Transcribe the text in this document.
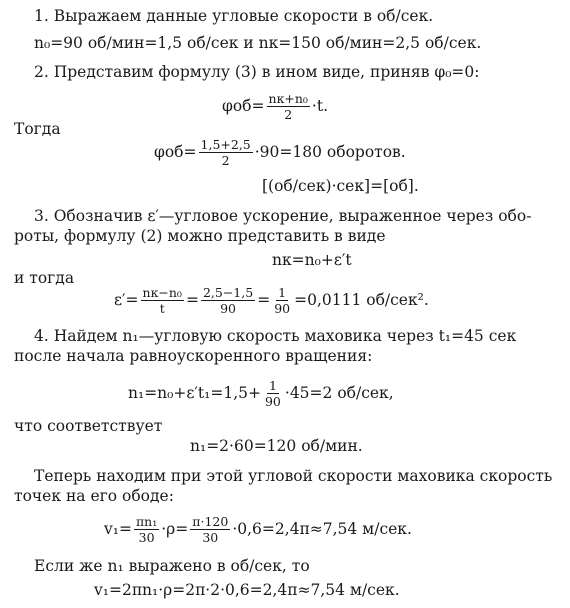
1. Выражаем данные угловые скорости в об/сек.
n₀=90 об/мин=1,5 об/сек и nк=150 об/мин=2,5 об/сек.
2. Представим формулу (3) в ином виде, приняв φ₀=0:
$\varphi об= \frac{\text{nк+n₀}}{2} \cdot t$.
Тогда
$\varphi об= \frac{1,5+2,5}{2} \cdot 90=180$ оборотов.
[(об/сек)·сек]=[об].
3. Обозначив ε′—угловое ускорение, выраженное через обо-
роты, формулу (2) можно представить в виде
nк=n₀+ε′t
и тогда
$\varepsilon'= \frac{\text{nк−n₀}}{t} = \frac{2,5-1,5}{90} = \frac{1}{90} =0,0111$ об/сек².
4. Найдем n₁—угловую скорость маховика через t₁=45 сек
после начала равноускоренного вращения:
$n_1=n_0+\varepsilon't_1=1,5+ \frac{1}{90} \cdot 45=2$ об/сек,
что соответствует
n₁=2·60=120 об/мин.
Теперь находим при этой угловой скорости маховика скорость
точек на его ободе:
$v_1= \frac{\text{πn₁}}{30} \cdot\rho= \frac{\pi\cdot 120}{30} \cdot 0,6=2,4\pi\approx 7,54$ м/сек.
Если же n₁ выражено в об/сек, то
v₁=2πn₁·ρ=2π·2·0,6=2,4π≈7,54 м/сек.
